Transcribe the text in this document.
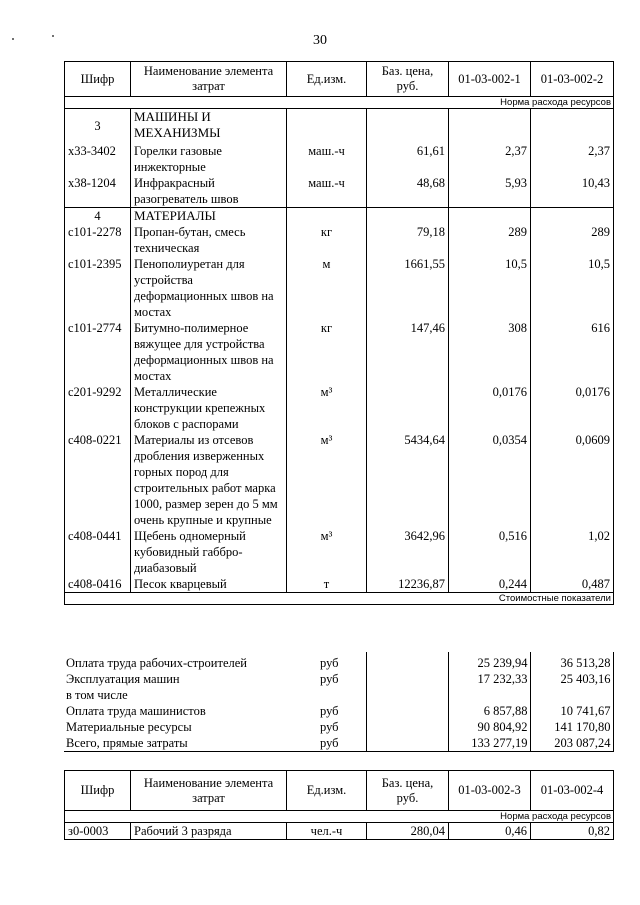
30
Шифр	Наименование элемента затрат	Ед.изм.	Баз. цена, руб.	01-03-002-1	01-03-002-2
Норма расхода ресурсов					
3	МАШИНЫ И МЕХАНИЗМЫ				
х33-3402	Горелки газовые инжекторные	маш.-ч	61,61	2,37	2,37
х38-1204	Инфракрасный разогреватель швов	маш.-ч	48,68	5,93	10,43
4	МАТЕРИАЛЫ				
с101-2278	Пропан-бутан, смесь техническая	кг	79,18	289	289
с101-2395	Пенополиуретан для устройства деформационных швов на мостах	м	1661,55	10,5	10,5
с101-2774	Битумно-полимерное вяжущее для устройства деформационных швов на мостах	кг	147,46	308	616
с201-9292	Металлические конструкции крепежных блоков с распорами	м³		0,0176	0,0176
с408-0221	Материалы из отсевов дробления изверженных горных пород для строительных работ марка 1000, размер зерен до 5 мм очень крупные и крупные	м³	5434,64	0,0354	0,0609
с408-0441	Щебень одномерный кубовидный габбро-диабазовый	м³	3642,96	0,516	1,02
с408-0416	Песок кварцевый	т	12236,87	0,244	0,487
Стоимостные показатели					
Оплата труда рабочих-строителей	руб		25 239,94	36 513,28
Эксплуатация машин	руб		17 232,33	25 403,16
в том числе				
Оплата труда машинистов	руб		6 857,88	10 741,67
Материальные ресурсы	руб		90 804,92	141 170,80
Всего, прямые затраты	руб		133 277,19	203 087,24
Шифр	Наименование элемента затрат	Ед.изм.	Баз. цена, руб.	01-03-002-3	01-03-002-4
Норма расхода ресурсов					
з0-0003	Рабочий 3 разряда	чел.-ч	280,04	0,46	0,82
